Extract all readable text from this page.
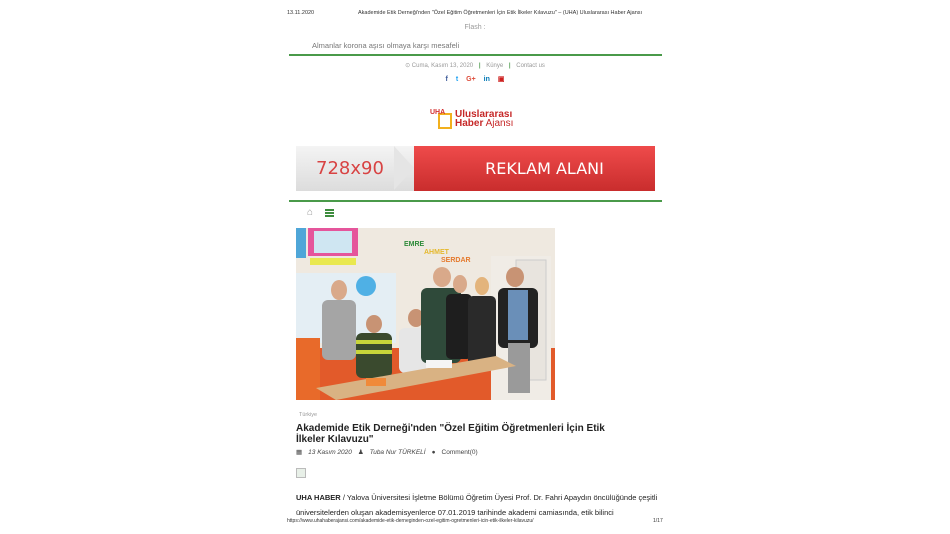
13.11.2020	Akademide Etik Derneği'nden "Özel Eğitim Öğretmenleri İçin Etik İlkeler Kılavuzu" – (UHA) Uluslararası Haber Ajansı
Flash :
Almanlar korona aşısı olmaya karşı mesafeli
⊙ Cuma, Kasım 13, 2020 | Künye | Contact us
f t G+ in ▣
UHA Uluslararası
Haber Ajansı
728x90	REKLAM ALANI
⌂
EMRE
AHMET
SERDAR
Türkiye
Akademide Etik Derneği'nden "Özel Eğitim Öğretmenleri İçin Etik İlkeler Kılavuzu"
▦ 13 Kasım 2020 ♟ Tuba Nur TÜRKELİ ● Comment(0)
UHA HABER / Yalova Üniversitesi İşletme Bölümü Öğretim Üyesi Prof. Dr. Fahri Apaydın öncülüğünde çeşitli üniversitelerden oluşan akademisyenlerce 07.01.2019 tarihinde akademi camiasında, etik bilinci
https://www.uhahaberajansi.com/akademide-etik-derneginden-ozel-egitim-ogretmenleri-icin-etik-ilkeler-kilavuzu/	1/17
